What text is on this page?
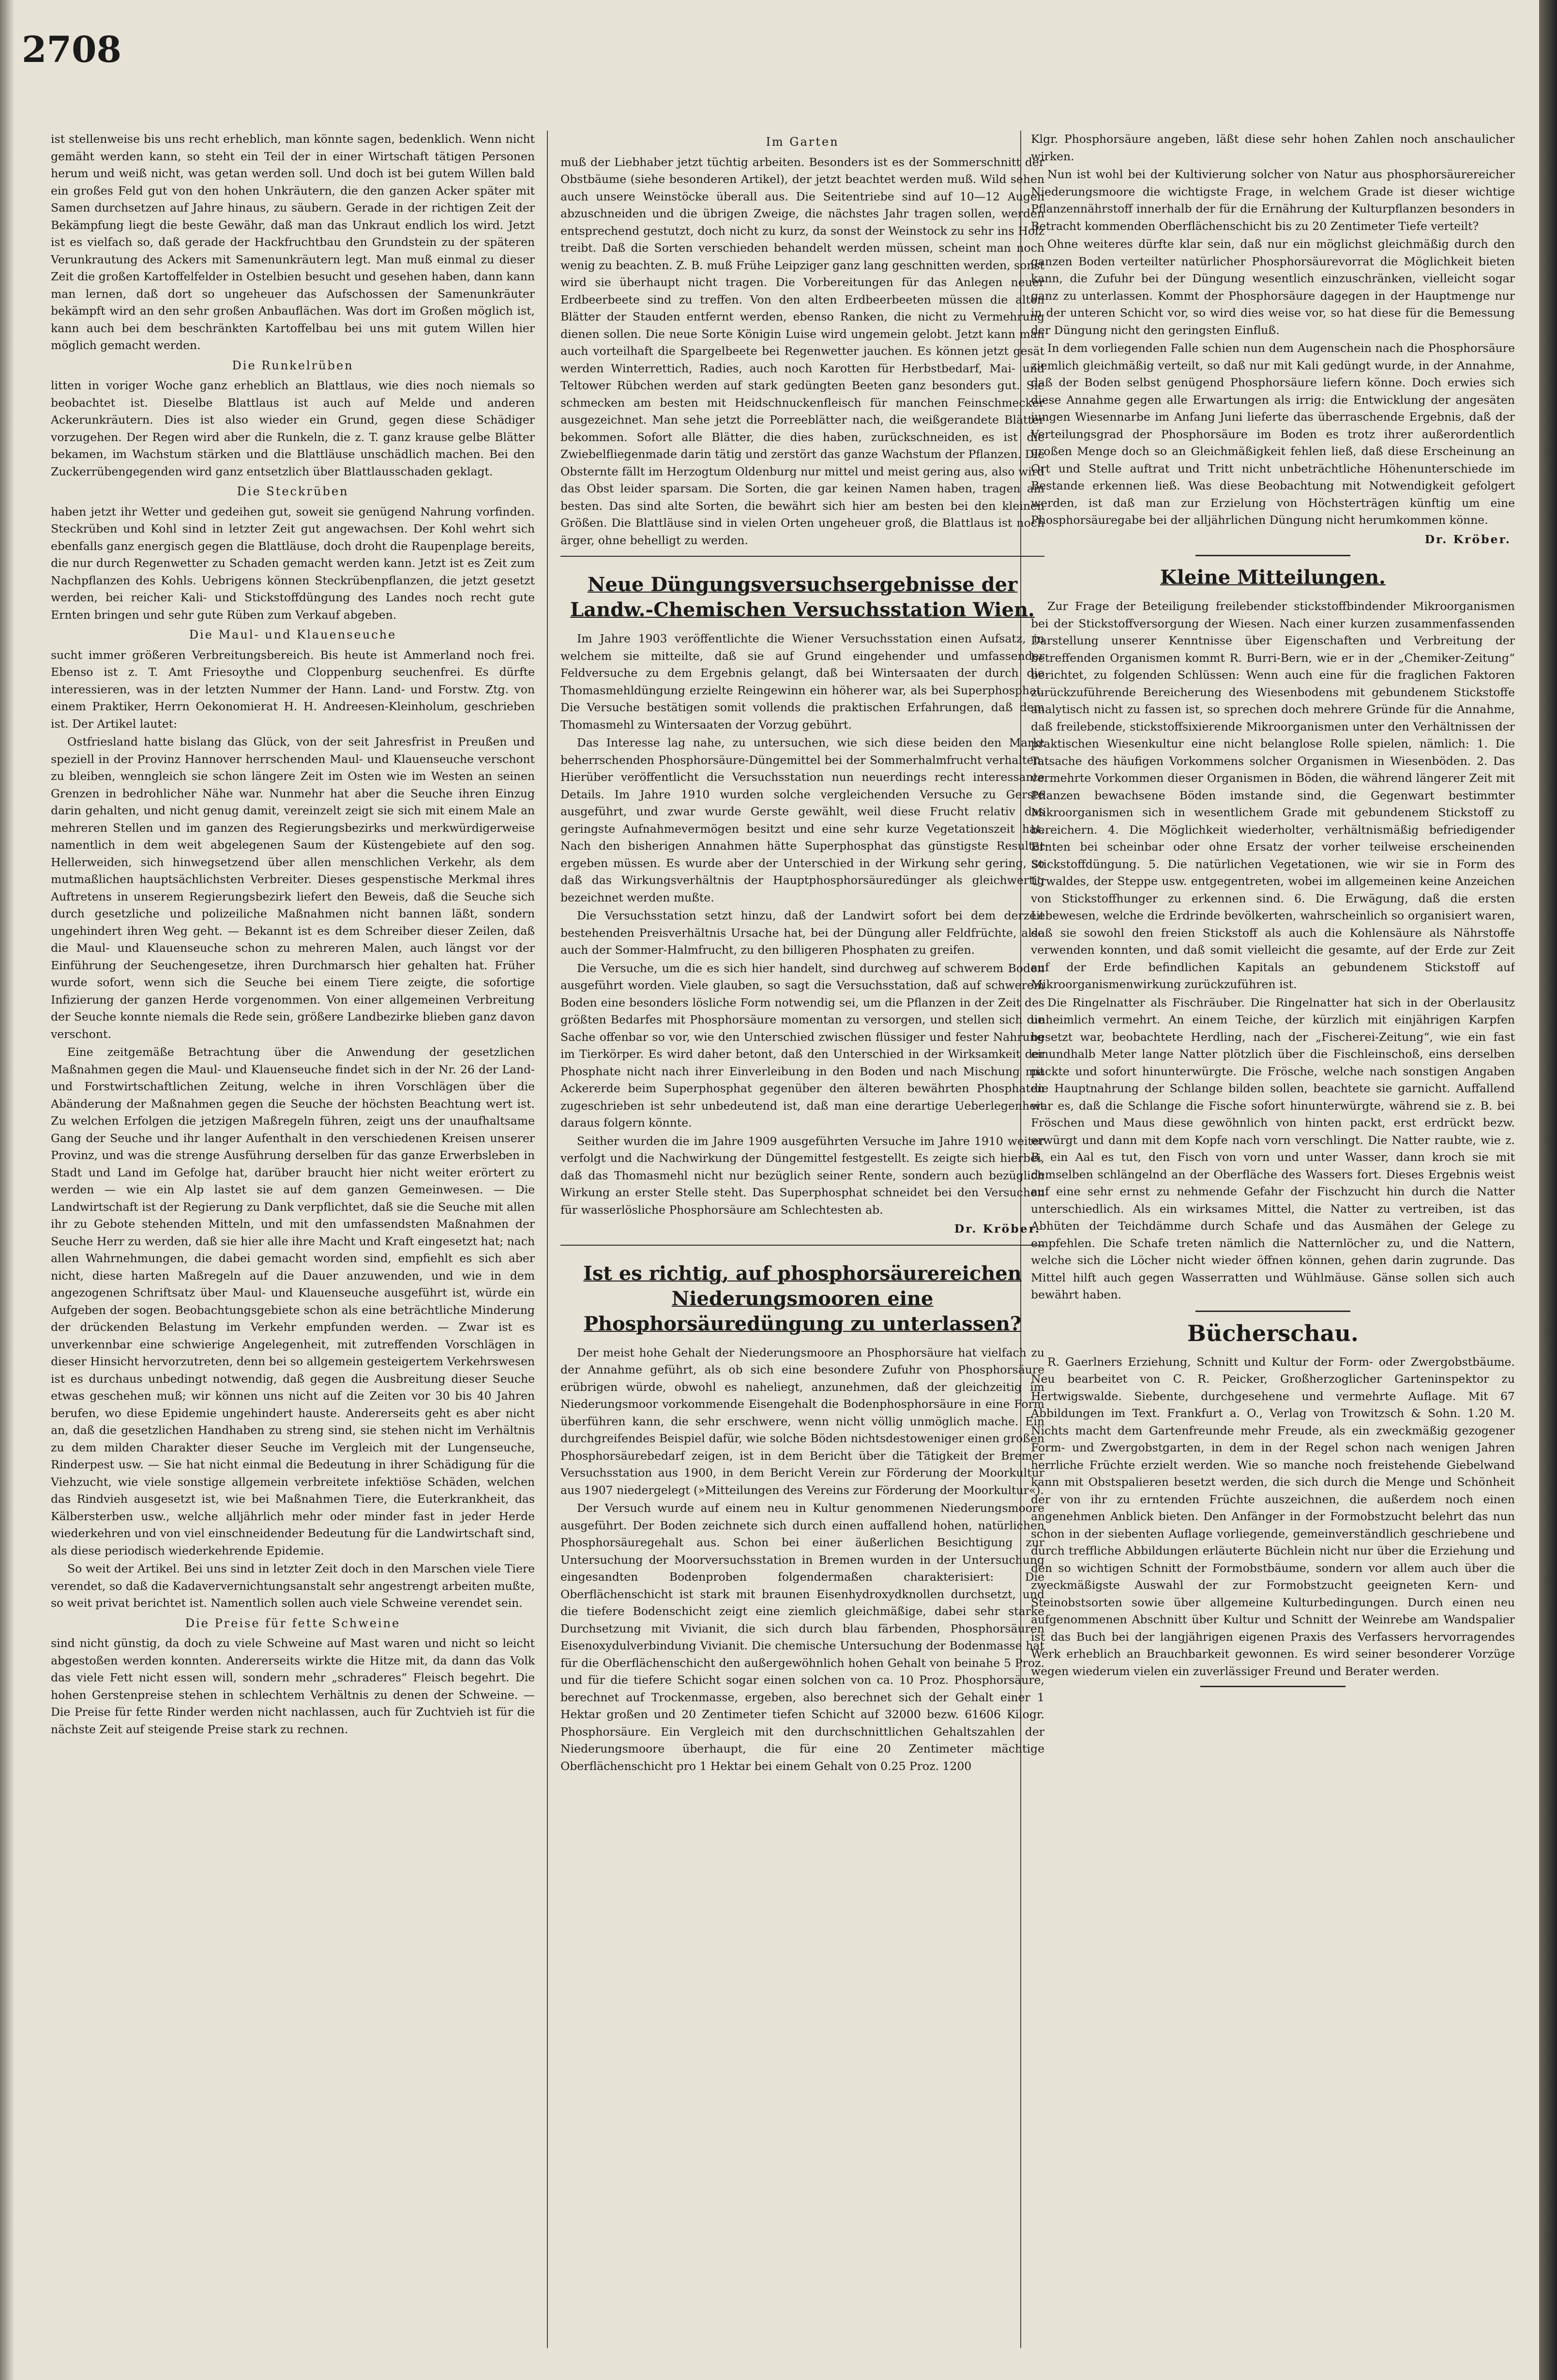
2708

ist stellenweise bis uns recht erheblich, man könnte sagen, bedenklich. Wenn nicht gemäht werden kann, so steht ein Teil der in einer Wirtschaft tätigen Personen herum und weiß nicht, was getan werden soll. Und doch ist bei gutem Willen bald ein großes Feld gut von den hohen Unkräutern, die den ganzen Acker später mit Samen durchsetzen auf Jahre hinaus, zu säubern. Gerade in der richtigen Zeit der Bekämpfung liegt die beste Gewähr, daß man das Unkraut endlich los wird. Jetzt ist es vielfach so, daß gerade der Hackfruchtbau den Grundstein zu der späteren Verunkrautung des Ackers mit Samenunkräutern legt. Man muß einmal zu dieser Zeit die großen Kartoffelfelder in Ostelbien besucht und gesehen haben, dann kann man lernen, daß dort so ungeheuer das Aufschossen der Samenunkräuter bekämpft wird an den sehr großen Anbauflächen. Was dort im Großen möglich ist, kann auch bei dem beschränkten Kartoffelbau bei uns mit gutem Willen hier möglich gemacht werden.

Die Runkelrüben

litten in voriger Woche ganz erheblich an Blattlaus, wie dies noch niemals so beobachtet ist. Dieselbe Blattlaus ist auch auf Melde und anderen Ackerunkräutern. Dies ist also wieder ein Grund, gegen diese Schädiger vorzugehen. Der Regen wird aber die Runkeln, die z. T. ganz krause gelbe Blätter bekamen, im Wachstum stärken und die Blattläuse unschädlich machen. Bei den Zuckerrübengegenden wird ganz entsetzlich über Blattlausschaden geklagt.

Die Steckrüben

haben jetzt ihr Wetter und gedeihen gut, soweit sie genügend Nahrung vorfinden. Steckrüben und Kohl sind in letzter Zeit gut angewachsen. Der Kohl wehrt sich ebenfalls ganz energisch gegen die Blattläuse, doch droht die Raupenplage bereits, die nur durch Regenwetter zu Schaden gemacht werden kann. Jetzt ist es Zeit zum Nachpflanzen des Kohls. Uebrigens können Steckrübenpflanzen, die jetzt gesetzt werden, bei reicher Kali- und Stickstoffdüngung des Landes noch recht gute Ernten bringen und sehr gute Rüben zum Verkauf abgeben.

Die Maul- und Klauenseuche

sucht immer größeren Verbreitungsbereich. Bis heute ist Ammerland noch frei. Ebenso ist z. T. Amt Friesoythe und Cloppenburg seuchenfrei. Es dürfte interessieren, was in der letzten Nummer der Hann. Land- und Forstw. Ztg. von einem Praktiker, Herrn Oekonomierat H. H. Andreesen-Kleinholum, geschrieben ist. Der Artikel lautet:

Ostfriesland hatte bislang das Glück, von der seit Jahresfrist in Preußen und speziell in der Provinz Hannover herrschenden Maul- und Klauenseuche verschont zu bleiben, wenngleich sie schon längere Zeit im Osten wie im Westen an seinen Grenzen in bedrohlicher Nähe war. Nunmehr hat aber die Seuche ihren Einzug darin gehalten, und nicht genug damit, vereinzelt zeigt sie sich mit einem Male an mehreren Stellen und im ganzen des Regierungsbezirks und merkwürdigerweise namentlich in dem weit abgelegenen Saum der Küstengebiete auf den sog. Hellerweiden, sich hinwegsetzend über allen menschlichen Verkehr, als dem mutmaßlichen hauptsächlichsten Verbreiter. Dieses gespenstische Merkmal ihres Auftretens in unserem Regierungsbezirk liefert den Beweis, daß die Seuche sich durch gesetzliche und polizeiliche Maßnahmen nicht bannen läßt, sondern ungehindert ihren Weg geht. — Bekannt ist es dem Schreiber dieser Zeilen, daß die Maul- und Klauenseuche schon zu mehreren Malen, auch längst vor der Einführung der Seuchengesetze, ihren Durchmarsch hier gehalten hat. Früher wurde sofort, wenn sich die Seuche bei einem Tiere zeigte, die sofortige Infizierung der ganzen Herde vorgenommen. Von einer allgemeinen Verbreitung der Seuche konnte niemals die Rede sein, größere Landbezirke blieben ganz davon verschont.

Eine zeitgemäße Betrachtung über die Anwendung der gesetzlichen Maßnahmen gegen die Maul- und Klauenseuche findet sich in der Nr. 26 der Land- und Forstwirtschaftlichen Zeitung, welche in ihren Vorschlägen über die Abänderung der Maßnahmen gegen die Seuche der höchsten Beachtung wert ist. Zu welchen Erfolgen die jetzigen Maßregeln führen, zeigt uns der unaufhaltsame Gang der Seuche und ihr langer Aufenthalt in den verschiedenen Kreisen unserer Provinz, und was die strenge Ausführung derselben für das ganze Erwerbsleben in Stadt und Land im Gefolge hat, darüber braucht hier nicht weiter erörtert zu werden — wie ein Alp lastet sie auf dem ganzen Gemeinwesen. — Die Landwirtschaft ist der Regierung zu Dank verpflichtet, daß sie die Seuche mit allen ihr zu Gebote stehenden Mitteln, und mit den umfassendsten Maßnahmen der Seuche Herr zu werden, daß sie hier alle ihre Macht und Kraft eingesetzt hat; nach allen Wahrnehmungen, die dabei gemacht worden sind, empfiehlt es sich aber nicht, diese harten Maßregeln auf die Dauer anzuwenden, und wie in dem angezogenen Schriftsatz über Maul- und Klauenseuche ausgeführt ist, würde ein Aufgeben der sogen. Beobachtungsgebiete schon als eine beträchtliche Minderung der drückenden Belastung im Verkehr empfunden werden. — Zwar ist es unverkennbar eine schwierige Angelegenheit, mit zutreffenden Vorschlägen in dieser Hinsicht hervorzutreten, denn bei so allgemein gesteigertem Verkehrswesen ist es durchaus unbedingt notwendig, daß gegen die Ausbreitung dieser Seuche etwas geschehen muß; wir können uns nicht auf die Zeiten vor 30 bis 40 Jahren berufen, wo diese Epidemie ungehindert hauste. Andererseits geht es aber nicht an, daß die gesetzlichen Handhaben zu streng sind, sie stehen nicht im Verhältnis zu dem milden Charakter dieser Seuche im Vergleich mit der Lungenseuche, Rinderpest usw. — Sie hat nicht einmal die Bedeutung in ihrer Schädigung für die Viehzucht, wie viele sonstige allgemein verbreitete infektiöse Schäden, welchen das Rindvieh ausgesetzt ist, wie bei Maßnahmen Tiere, die Euterkrankheit, das Kälbersterben usw., welche alljährlich mehr oder minder fast in jeder Herde wiederkehren und von viel einschneidender Bedeutung für die Landwirtschaft sind, als diese periodisch wiederkehrende Epidemie.

So weit der Artikel. Bei uns sind in letzter Zeit doch in den Marschen viele Tiere verendet, so daß die Kadaververnichtungsanstalt sehr angestrengt arbeiten mußte, so weit privat berichtet ist. Namentlich sollen auch viele Schweine verendet sein.

Die Preise für fette Schweine

sind nicht günstig, da doch zu viele Schweine auf Mast waren und nicht so leicht abgestoßen werden konnten. Andererseits wirkte die Hitze mit, da dann das Volk das viele Fett nicht essen will, sondern mehr „schraderes“ Fleisch begehrt. Die hohen Gerstenpreise stehen in schlechtem Verhältnis zu denen der Schweine. — Die Preise für fette Rinder werden nicht nachlassen, auch für Zuchtvieh ist für die nächste Zeit auf steigende Preise stark zu rechnen.

Im Garten

muß der Liebhaber jetzt tüchtig arbeiten. Besonders ist es der Sommerschnitt der Obstbäume (siehe besonderen Artikel), der jetzt beachtet werden muß. Wild sehen auch unsere Weinstöcke überall aus. Die Seitentriebe sind auf 10—12 Augen abzuschneiden und die übrigen Zweige, die nächstes Jahr tragen sollen, werden entsprechend gestutzt, doch nicht zu kurz, da sonst der Weinstock zu sehr ins Holz treibt. Daß die Sorten verschieden behandelt werden müssen, scheint man noch wenig zu beachten. Z. B. muß Frühe Leipziger ganz lang geschnitten werden, sonst wird sie überhaupt nicht tragen. Die Vorbereitungen für das Anlegen neuer Erdbeerbeete sind zu treffen. Von den alten Erdbeerbeeten müssen die alten Blätter der Stauden entfernt werden, ebenso Ranken, die nicht zu Vermehrung dienen sollen. Die neue Sorte Königin Luise wird ungemein gelobt. Jetzt kann man auch vorteilhaft die Spargelbeete bei Regenwetter jauchen. Es können jetzt gesät werden Winterrettich, Radies, auch noch Karotten für Herbstbedarf, Mai- und Teltower Rübchen werden auf stark gedüngten Beeten ganz besonders gut. Sie schmecken am besten mit Heidschnuckenfleisch für manchen Feinschmecker ausgezeichnet. Man sehe jetzt die Porreeblätter nach, die weißgerandete Blätter bekommen. Sofort alle Blätter, die dies haben, zurückschneiden, es ist die Zwiebelfliegenmade darin tätig und zerstört das ganze Wachstum der Pflanzen. Die Obsternte fällt im Herzogtum Oldenburg nur mittel und meist gering aus, also wird das Obst leider sparsam. Die Sorten, die gar keinen Namen haben, tragen am besten. Das sind alte Sorten, die bewährt sich hier am besten bei den kleinen Größen. Die Blattläuse sind in vielen Orten ungeheuer groß, die Blattlaus ist noch ärger, ohne behelligt zu werden.

Neue Düngungsversuchsergebnisse der Landw.-Chemischen Versuchsstation Wien.

Im Jahre 1903 veröffentlichte die Wiener Versuchsstation einen Aufsatz, in welchem sie mitteilte, daß sie auf Grund eingehender und umfassender Feldversuche zu dem Ergebnis gelangt, daß bei Wintersaaten der durch die Thomasmehldüngung erzielte Reingewinn ein höherer war, als bei Superphosphat. Die Versuche bestätigen somit vollends die praktischen Erfahrungen, daß dem Thomasmehl zu Wintersaaten der Vorzug gebührt.

Das Interesse lag nahe, zu untersuchen, wie sich diese beiden den Markt beherrschenden Phosphorsäure-Düngemittel bei der Sommerhalmfrucht verhalten. Hierüber veröffentlicht die Versuchsstation nun neuerdings recht interessante Details. Im Jahre 1910 wurden solche vergleichenden Versuche zu Gerste ausgeführt, und zwar wurde Gerste gewählt, weil diese Frucht relativ das geringste Aufnahmevermögen besitzt und eine sehr kurze Vegetationszeit hat. Nach den bisherigen Annahmen hätte Superphosphat das günstigste Resultat ergeben müssen. Es wurde aber der Unterschied in der Wirkung sehr gering, so daß das Wirkungsverhältnis der Hauptphosphorsäuredünger als gleichwertig bezeichnet werden mußte.

Die Versuchsstation setzt hinzu, daß der Landwirt sofort bei dem derzeit bestehenden Preisverhältnis Ursache hat, bei der Düngung aller Feldfrüchte, also auch der Sommer-Halmfrucht, zu den billigeren Phosphaten zu greifen.

Die Versuche, um die es sich hier handelt, sind durchweg auf schwerem Boden ausgeführt worden. Viele glauben, so sagt die Versuchsstation, daß auf schwerem Boden eine besonders lösliche Form notwendig sei, um die Pflanzen in der Zeit des größten Bedarfes mit Phosphorsäure momentan zu versorgen, und stellen sich die Sache offenbar so vor, wie den Unterschied zwischen flüssiger und fester Nahrung im Tierkörper. Es wird daher betont, daß den Unterschied in der Wirksamkeit der Phosphate nicht nach ihrer Einverleibung in den Boden und nach Mischung mit Ackererde beim Superphosphat gegenüber den älteren bewährten Phosphaten zugeschrieben ist sehr unbedeutend ist, daß man eine derartige Ueberlegenheit daraus folgern könnte.

Seither wurden die im Jahre 1909 ausgeführten Versuche im Jahre 1910 weiter verfolgt und die Nachwirkung der Düngemittel festgestellt. Es zeigte sich hierbei, daß das Thomasmehl nicht nur bezüglich seiner Rente, sondern auch bezüglich Wirkung an erster Stelle steht. Das Superphosphat schneidet bei den Versuchen für wasserlösliche Phosphorsäure am Schlechtesten ab.

Dr. Kröber.
Ist es richtig, auf phosphorsäurereichen Niederungsmooren eine Phosphorsäuredüngung zu unterlassen?

Der meist hohe Gehalt der Niederungsmoore an Phosphorsäure hat vielfach zu der Annahme geführt, als ob sich eine besondere Zufuhr von Phosphorsäure erübrigen würde, obwohl es naheliegt, anzunehmen, daß der gleichzeitig im Niederungsmoor vorkommende Eisengehalt die Bodenphosphorsäure in eine Form überführen kann, die sehr erschwere, wenn nicht völlig unmöglich mache. Ein durchgreifendes Beispiel dafür, wie solche Böden nichtsdestoweniger einen großen Phosphorsäurebedarf zeigen, ist in dem Bericht über die Tätigkeit der Bremer Versuchsstation aus 1900, in dem Bericht Verein zur Förderung der Moorkultur aus 1907 niedergelegt (»Mitteilungen des Vereins zur Förderung der Moorkultur«).

Der Versuch wurde auf einem neu in Kultur genommenen Niederungsmoore ausgeführt. Der Boden zeichnete sich durch einen auffallend hohen, natürlichen Phosphorsäuregehalt aus. Schon bei einer äußerlichen Besichtigung zur Untersuchung der Moorversuchsstation in Bremen wurden in der Untersuchung eingesandten Bodenproben folgendermaßen charakterisiert: Die Oberflächenschicht ist stark mit braunen Eisenhydroxydknollen durchsetzt, und die tiefere Bodenschicht zeigt eine ziemlich gleichmäßige, dabei sehr starke Durchsetzung mit Vivianit, die sich durch blau färbenden, Phosphorsäuren Eisenoxydulverbindung Vivianit. Die chemische Untersuchung der Bodenmasse hat für die Oberflächenschicht den außergewöhnlich hohen Gehalt von beinahe 5 Proz. und für die tiefere Schicht sogar einen solchen von ca. 10 Proz. Phosphorsäure, berechnet auf Trockenmasse, ergeben, also berechnet sich der Gehalt einer 1 Hektar großen und 20 Zentimeter tiefen Schicht auf 32000 bezw. 61606 Kilogr. Phosphorsäure. Ein Vergleich mit den durchschnittlichen Gehaltszahlen der Niederungsmoore überhaupt, die für eine 20 Zentimeter mächtige Oberflächenschicht pro 1 Hektar bei einem Gehalt von 0.25 Proz. 1200

Klgr. Phosphorsäure angeben, läßt diese sehr hohen Zahlen noch anschaulicher wirken.

Nun ist wohl bei der Kultivierung solcher von Natur aus phosphorsäurereicher Niederungsmoore die wichtigste Frage, in welchem Grade ist dieser wichtige Pflanzennährstoff innerhalb der für die Ernährung der Kulturpflanzen besonders in Betracht kommenden Oberflächenschicht bis zu 20 Zentimeter Tiefe verteilt?

Ohne weiteres dürfte klar sein, daß nur ein möglichst gleichmäßig durch den ganzen Boden verteilter natürlicher Phosphorsäurevorrat die Möglichkeit bieten kann, die Zufuhr bei der Düngung wesentlich einzuschränken, vielleicht sogar ganz zu unterlassen. Kommt der Phosphorsäure dagegen in der Hauptmenge nur in der unteren Schicht vor, so wird dies weise vor, so hat diese für die Bemessung der Düngung nicht den geringsten Einfluß.

In dem vorliegenden Falle schien nun dem Augenschein nach die Phosphorsäure ziemlich gleichmäßig verteilt, so daß nur mit Kali gedüngt wurde, in der Annahme, daß der Boden selbst genügend Phosphorsäure liefern könne. Doch erwies sich diese Annahme gegen alle Erwartungen als irrig: die Entwicklung der angesäten jungen Wiesennarbe im Anfang Juni lieferte das überraschende Ergebnis, daß der Verteilungsgrad der Phosphorsäure im Boden es trotz ihrer außerordentlich großen Menge doch so an Gleichmäßigkeit fehlen ließ, daß diese Erscheinung an Ort und Stelle auftrat und Tritt nicht unbeträchtliche Höhenunterschiede im Bestande erkennen ließ. Was diese Beobachtung mit Notwendigkeit gefolgert werden, ist daß man zur Erzielung von Höchsterträgen künftig um eine Phosphorsäuregabe bei der alljährlichen Düngung nicht herumkommen könne.

Dr. Kröber.
Kleine Mitteilungen.

Zur Frage der Beteiligung freilebender stickstoffbindender Mikroorganismen bei der Stickstoffversorgung der Wiesen. Nach einer kurzen zusammenfassenden Darstellung unserer Kenntnisse über Eigenschaften und Verbreitung der betreffenden Organismen kommt R. Burri-Bern, wie er in der „Chemiker-Zeitung“ berichtet, zu folgenden Schlüssen: Wenn auch eine für die fraglichen Faktoren zurückzuführende Bereicherung des Wiesenbodens mit gebundenem Stickstoffe analytisch nicht zu fassen ist, so sprechen doch mehrere Gründe für die Annahme, daß freilebende, stickstoffsixierende Mikroorganismen unter den Verhältnissen der praktischen Wiesenkultur eine nicht belanglose Rolle spielen, nämlich: 1. Die Tatsache des häufigen Vorkommens solcher Organismen in Wiesenböden. 2. Das vermehrte Vorkommen dieser Organismen in Böden, die während längerer Zeit mit Pflanzen bewachsene Böden imstande sind, die Gegenwart bestimmter Mikroorganismen sich in wesentlichem Grade mit gebundenem Stickstoff zu bereichern. 4. Die Möglichkeit wiederholter, verhältnismäßig befriedigender Ernten bei scheinbar oder ohne Ersatz der vorher teilweise erscheinenden Stickstoffdüngung. 5. Die natürlichen Vegetationen, wie wir sie in Form des Urwaldes, der Steppe usw. entgegentreten, wobei im allgemeinen keine Anzeichen von Stickstoffhunger zu erkennen sind. 6. Die Erwägung, daß die ersten Lebewesen, welche die Erdrinde bevölkerten, wahrscheinlich so organisiert waren, daß sie sowohl den freien Stickstoff als auch die Kohlensäure als Nährstoffe verwenden konnten, und daß somit vielleicht die gesamte, auf der Erde zur Zeit auf der Erde befindlichen Kapitals an gebundenem Stickstoff auf Mikroorganismenwirkung zurückzuführen ist.

Die Ringelnatter als Fischräuber. Die Ringelnatter hat sich in der Oberlausitz unheimlich vermehrt. An einem Teiche, der kürzlich mit einjährigen Karpfen besetzt war, beobachtete Herdling, nach der „Fischerei-Zeitung“, wie ein fast einundhalb Meter lange Natter plötzlich über die Fischleinschoß, eins derselben packte und sofort hinunterwürgte. Die Frösche, welche nach sonstigen Angaben die Hauptnahrung der Schlange bilden sollen, beachtete sie garnicht. Auffallend war es, daß die Schlange die Fische sofort hinunterwürgte, während sie z. B. bei Fröschen und Maus diese gewöhnlich von hinten packt, erst erdrückt bezw. erwürgt und dann mit dem Kopfe nach vorn verschlingt. Die Natter raubte, wie z. B. ein Aal es tut, den Fisch von vorn und unter Wasser, dann kroch sie mit demselben schlängelnd an der Oberfläche des Wassers fort. Dieses Ergebnis weist auf eine sehr ernst zu nehmende Gefahr der Fischzucht hin durch die Natter unterschiedlich. Als ein wirksames Mittel, die Natter zu vertreiben, ist das Abhüten der Teichdämme durch Schafe und das Ausmähen der Gelege zu empfehlen. Die Schafe treten nämlich die Natternlöcher zu, und die Nattern, welche sich die Löcher nicht wieder öffnen können, gehen darin zugrunde. Das Mittel hilft auch gegen Wasserratten und Wühlmäuse. Gänse sollen sich auch bewährt haben.

Bücherschau.

R. Gaerlners Erziehung, Schnitt und Kultur der Form- oder Zwergobstbäume. Neu bearbeitet von C. R. Peicker, Großherzoglicher Garteninspektor zu Hertwigswalde. Siebente, durchgesehene und vermehrte Auflage. Mit 67 Abbildungen im Text. Frankfurt a. O., Verlag von Trowitzsch & Sohn. 1.20 M. Nichts macht dem Gartenfreunde mehr Freude, als ein zweckmäßig gezogener Form- und Zwergobstgarten, in dem in der Regel schon nach wenigen Jahren herrliche Früchte erzielt werden. Wie so manche noch freistehende Giebelwand kann mit Obstspalieren besetzt werden, die sich durch die Menge und Schönheit der von ihr zu erntenden Früchte auszeichnen, die außerdem noch einen angenehmen Anblick bieten. Den Anfänger in der Formobstzucht belehrt das nun schon in der siebenten Auflage vorliegende, gemeinverständlich geschriebene und durch treffliche Abbildungen erläuterte Büchlein nicht nur über die Erziehung und den so wichtigen Schnitt der Formobstbäume, sondern vor allem auch über die zweckmäßigste Auswahl der zur Formobstzucht geeigneten Kern- und Steinobstsorten sowie über allgemeine Kulturbedingungen. Durch einen neu aufgenommenen Abschnitt über Kultur und Schnitt der Weinrebe am Wandspalier ist das Buch bei der langjährigen eigenen Praxis des Verfassers hervorragendes Werk erheblich an Brauchbarkeit gewonnen. Es wird seiner besonderer Vorzüge wegen wiederum vielen ein zuverlässiger Freund und Berater werden.
